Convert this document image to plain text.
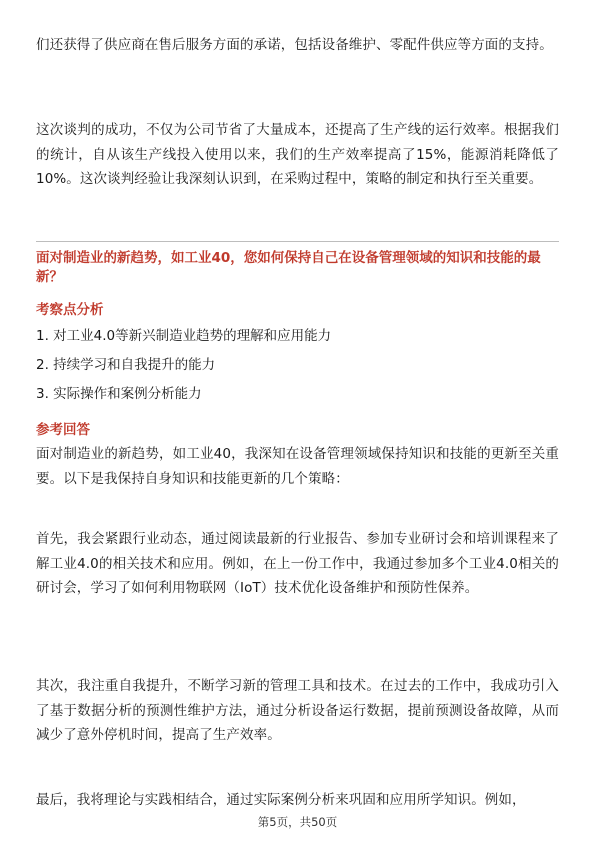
们还获得了供应商在售后服务方面的承诺，包括设备维护、零配件供应等方面的支持。

这次谈判的成功，不仅为公司节省了大量成本，还提高了生产线的运行效率。根据我们的统计，自从该生产线投入使用以来，我们的生产效率提高了15%，能源消耗降低了10%。这次谈判经验让我深刻认识到，在采购过程中，策略的制定和执行至关重要。

面对制造业的新趋势，如工业40，您如何保持自己在设备管理领域的知识和技能的最新？

考察点分析

1. 对工业4.0等新兴制造业趋势的理解和应用能力

2. 持续学习和自我提升的能力

3. 实际操作和案例分析能力

参考回答

面对制造业的新趋势，如工业40，我深知在设备管理领域保持知识和技能的更新至关重要。以下是我保持自身知识和技能更新的几个策略：

首先，我会紧跟行业动态，通过阅读最新的行业报告、参加专业研讨会和培训课程来了解工业4.0的相关技术和应用。例如，在上一份工作中，我通过参加多个工业4.0相关的研讨会，学习了如何利用物联网（IoT）技术优化设备维护和预防性保养。

其次，我注重自我提升，不断学习新的管理工具和技术。在过去的工作中，我成功引入了基于数据分析的预测性维护方法，通过分析设备运行数据，提前预测设备故障，从而减少了意外停机时间，提高了生产效率。

最后，我将理论与实践相结合，通过实际案例分析来巩固和应用所学知识。例如，

第5页，共50页
